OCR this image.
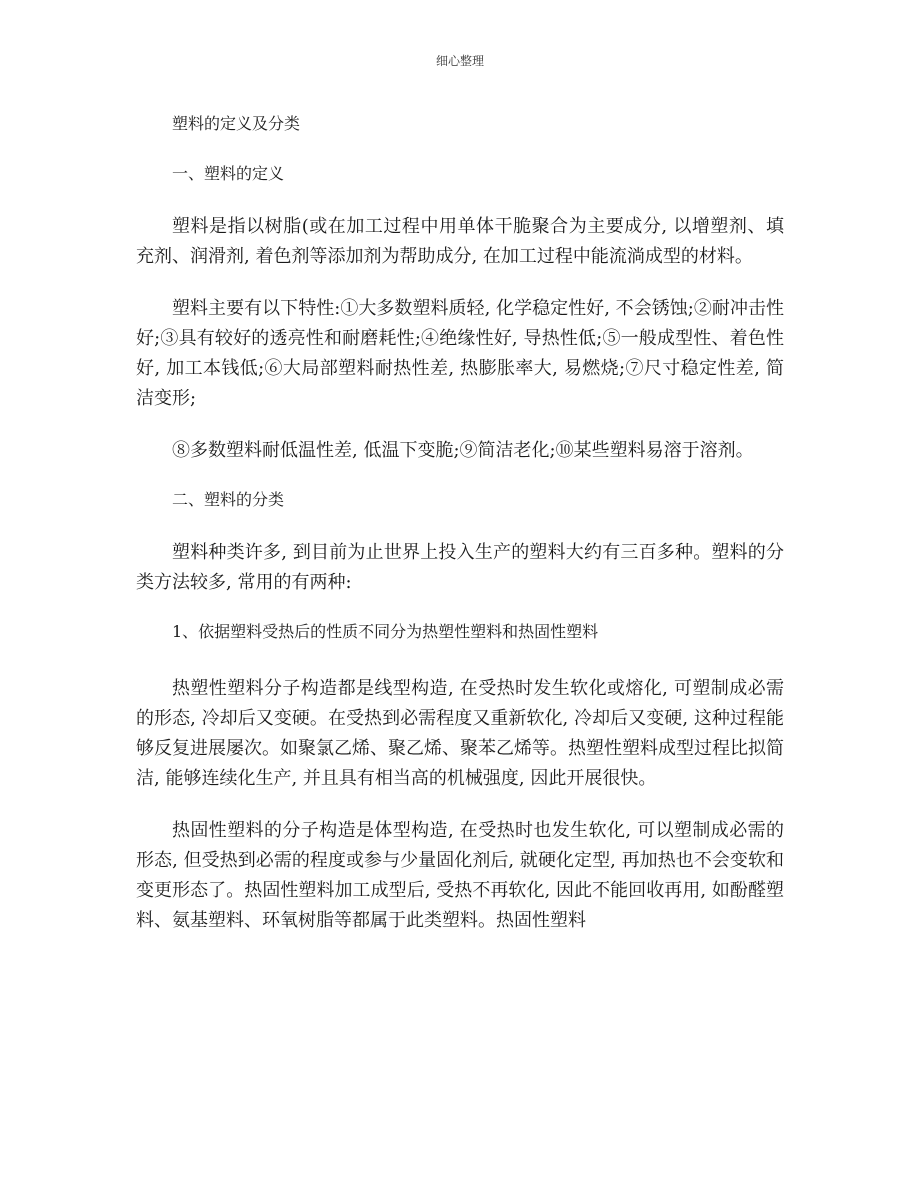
细心整理

塑料的定义及分类

一、塑料的定义

塑料是指以树脂(或在加工过程中用单体干脆聚合为主要成分, 以增塑剂、填充剂、润滑剂, 着色剂等添加剂为帮助成分, 在加工过程中能流淌成型的材料。

塑料主要有以下特性:①大多数塑料质轻, 化学稳定性好, 不会锈蚀;②耐冲击性好;③具有较好的透亮性和耐磨耗性;④绝缘性好, 导热性低;⑤一般成型性、着色性好, 加工本钱低;⑥大局部塑料耐热性差, 热膨胀率大, 易燃烧;⑦尺寸稳定性差, 简洁变形;

⑧多数塑料耐低温性差, 低温下变脆;⑨简洁老化;⑩某些塑料易溶于溶剂。

二、塑料的分类

塑料种类许多, 到目前为止世界上投入生产的塑料大约有三百多种。塑料的分类方法较多, 常用的有两种:

1、依据塑料受热后的性质不同分为热塑性塑料和热固性塑料

热塑性塑料分子构造都是线型构造, 在受热时发生软化或熔化, 可塑制成必需的形态, 冷却后又变硬。在受热到必需程度又重新软化, 冷却后又变硬, 这种过程能够反复进展屡次。如聚氯乙烯、聚乙烯、聚苯乙烯等。热塑性塑料成型过程比拟简洁, 能够连续化生产, 并且具有相当高的机械强度, 因此开展很快。

热固性塑料的分子构造是体型构造, 在受热时也发生软化, 可以塑制成必需的形态, 但受热到必需的程度或参与少量固化剂后, 就硬化定型, 再加热也不会变软和变更形态了。热固性塑料加工成型后, 受热不再软化, 因此不能回收再用, 如酚醛塑料、氨基塑料、环氧树脂等都属于此类塑料。热固性塑料
